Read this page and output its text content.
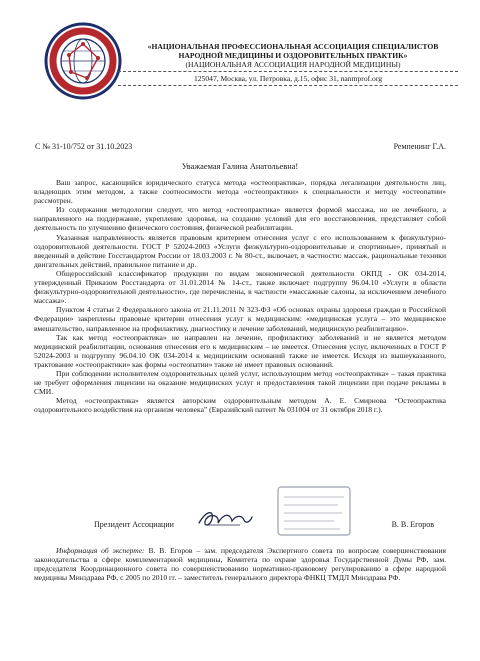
«НАЦИОНАЛЬНАЯ ПРОФЕССИОНАЛЬНАЯ АССОЦИАЦИЯ СПЕЦИАЛИСТОВ
НАРОДНОЙ МЕДИЦИНЫ И ОЗДОРОВИТЕЛЬНЫХ ПРАКТИК»
(НАЦИОНАЛЬНАЯ АССОЦИАЦИЯ НАРОДНОЙ МЕДИЦИНЫ)
125047, Москва, ул. Петровка, д.15, офис 31, nanmprof.org
С № 31-10/752 от 31.10.2023	Ремпенинг Г.А.
Уважаемая Галина Анатольевна!

Ваш запрос, касающийся юридического статуса метода «остеопрактика», порядка легализации деятельности лиц, владеющих этим методом, а также соотносимости метода «остеопрактики» к специальности и методу «остеопатии» рассмотрен.

Из содержания методологии следует, что метод «остеопрактика» является формой массажа, но не лечебного, а направленного на поддержание, укрепление здоровья, на создание условий для его восстановления, представляет собой деятельность по улучшению физического состояния, физической реабилитации.

Указанная направленность является правовым критерием отнесения услуг с его использованием к физкультурно-оздоровительной деятельности. ГОСТ Р 52024-2003 «Услуги физкультурно-оздоровительные и спортивные», принятый и введенный в действие Госстандартом России от 18.03.2003 г. № 80-ст., включает, в частности: массаж, рациональные техники двигательных действий, правильное питание и др.

Общероссийский классификатор продукции по видам экономической деятельности ОКПД - ОК 034-2014, утвержденный Приказом Росстандарта от 31.01.2014 № 14-ст., также включает подгруппу 96.04.10 «Услуги в области физкультурно-оздоровительной деятельности», где перечислены, в частности «массажные салоны, за исключением лечебного массажа».

Пунктом 4 статьи 2 Федерального закона от 21.11.2011 N 323-ФЗ «Об основах охраны здоровья граждан в Российской Федерации» закреплены правовые критерии отнесения услуг к медицинским: «медицинская услуга – это медицинское вмешательство, направленное на профилактику, диагностику и лечение заболеваний, медицинскую реабилитацию».

Так как метод «остеопрактика» не направлен на лечение, профилактику заболеваний и не является методом медицинской реабилитации, основания отнесения его к медицинским – не имеется. Отнесения услуг, включенных в ГОСТ Р 52024-2003 и подгруппу 96.04.10 ОК 034-2014 к медицинским оснований также не имеется. Исходя из вышеуказанного, трактование «остеопрактики» как формы «остеопатии» также не имеет правовых оснований.

При соблюдении исполнителем оздоровительных целей услуг, использующим метод «остеопрактика» – такая практика не требует оформления лицензии на оказание медицинских услуг и предоставления такой лицензии при подаче рекламы в СМИ.

Метод «остеопрактика» является авторским оздоровительным методом А. Е. Смирнова “Остеопрактика оздоровительного воздействия на организм человека” (Евразийский патент № 031004 от 31 октября 2018 г.).

Президент Ассоциации	В. В. Егоров
Информация об эксперте: В. В. Егоров – зам. председателя Экспертного совета по вопросам совершенствования законодательства в сфере комплементарной медицины, Комитета по охране здоровья Государственной Думы РФ, зам. председателя Координационного совета по совершенствованию нормативно-правовому регулированию в сфере народной медицины Минздрава РФ, с 2005 по 2010 гг. – заместитель генерального директора ФНКЦ ТМДЛ Минздрава РФ.
